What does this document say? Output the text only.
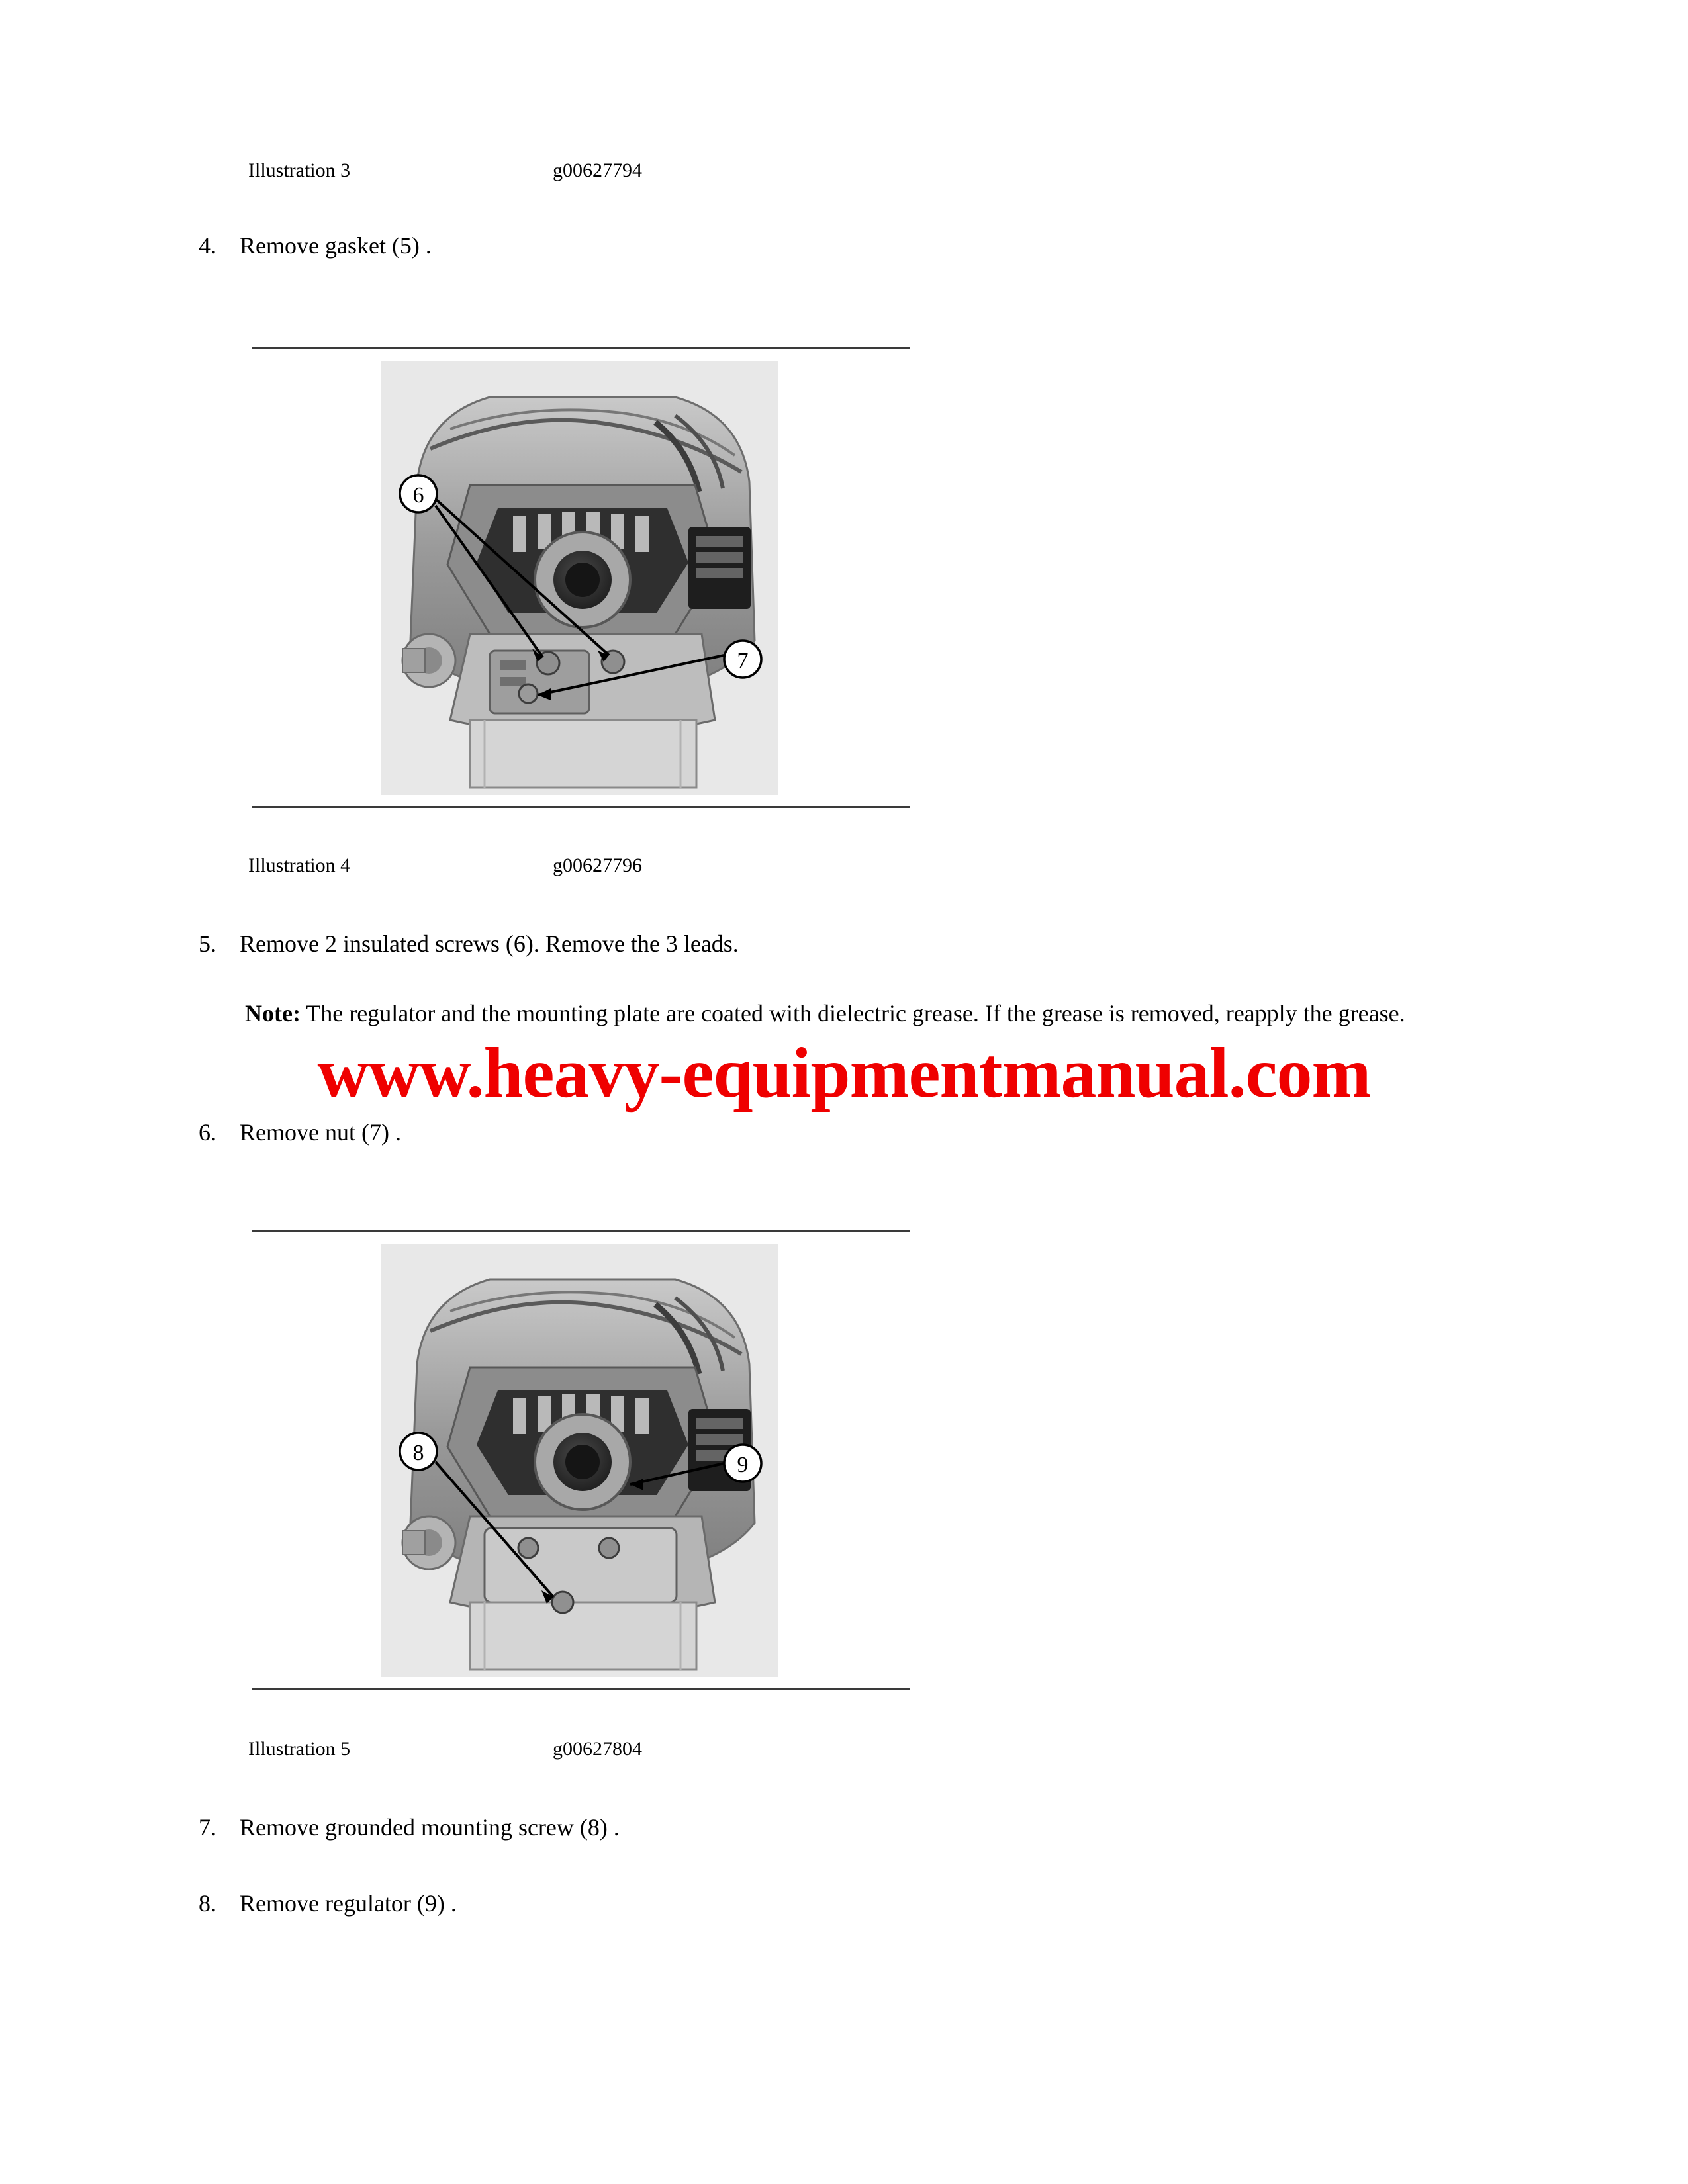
Illustration 3	g00627794
4. Remove gasket (5) .
6
7
Illustration 4	g00627796
5. Remove 2 insulated screws (6). Remove the 3 leads.
Note: The regulator and the mounting plate are coated with dielectric grease. If the grease is removed, reapply the grease.
6. Remove nut (7) .
8	9
Illustration 5	g00627804
7. Remove grounded mounting screw (8) .
8. Remove regulator (9) .
www.heavy-equipmentmanual.com
